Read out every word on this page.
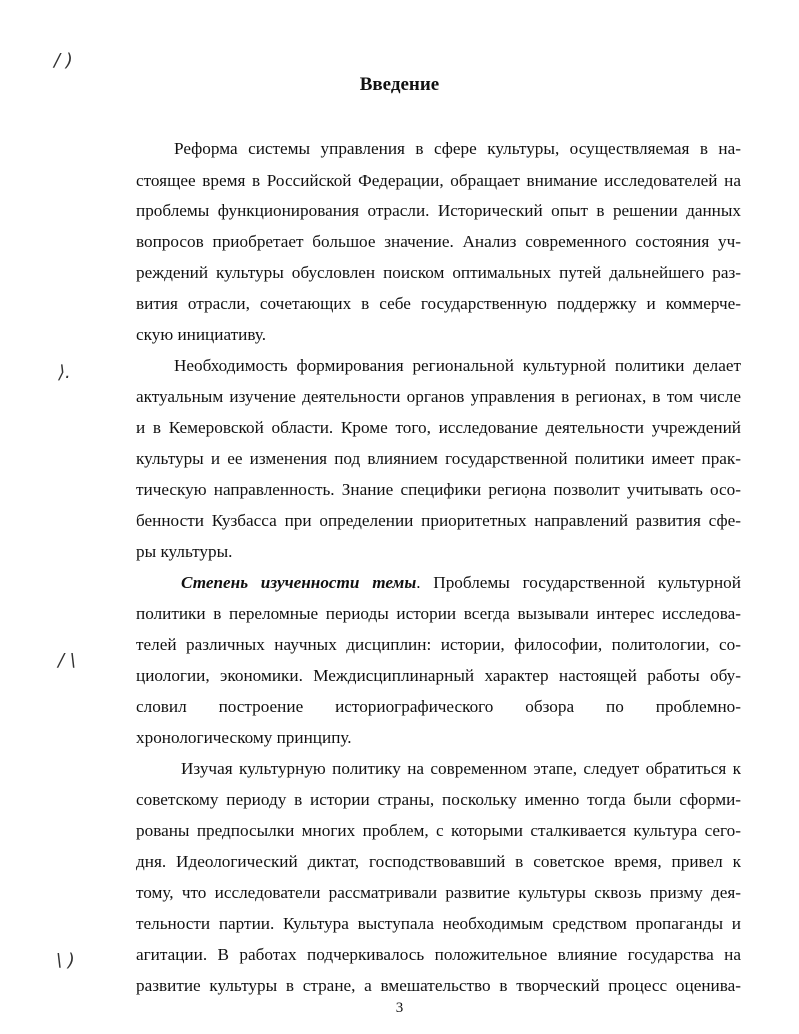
/ )
⟩.
/ \
\ )
Введение
Реформа системы управления в сфере культуры, осуществляемая в на-
стоящее время в Российской Федерации, обращает внимание исследователей на
проблемы функционирования отрасли. Исторический опыт в решении данных
вопросов приобретает большое значение. Анализ современного состояния уч-
реждений культуры обусловлен поиском оптимальных путей дальнейшего раз-
вития отрасли, сочетающих в себе государственную поддержку и коммерче-
скую инициативу.
Необходимость формирования региональной культурной политики делает
актуальным изучение деятельности органов управления в регионах, в том числе
и в Кемеровской области. Кроме того, исследование деятельности учреждений
культуры и ее изменения под влиянием государственной политики имеет прак-
тическую направленность. Знание специфики региона позволит учитывать осо-
бенности Кузбасса при определении приоритетных направлений развития сфе-
ры культуры.
Степень изученности темы. Проблемы государственной культурной
политики в переломные периоды истории всегда вызывали интерес исследова-
телей различных научных дисциплин: истории, философии, политологии, со-
циологии, экономики. Междисциплинарный характер настоящей работы обу-
словил построение историографического обзора по проблемно-
хронологическому принципу.
Изучая культурную политику на современном этапе, следует обратиться к
советскому периоду в истории страны, поскольку именно тогда были сформи-
рованы предпосылки многих проблем, с которыми сталкивается культура сего-
дня. Идеологический диктат, господствовавший в советское время, привел к
тому, что исследователи рассматривали развитие культуры сквозь призму дея-
тельности партии. Культура выступала необходимым средством пропаганды и
агитации. В работах подчеркивалось положительное влияние государства на
развитие культуры в стране, а вмешательство в творческий процесс оценива-
3
